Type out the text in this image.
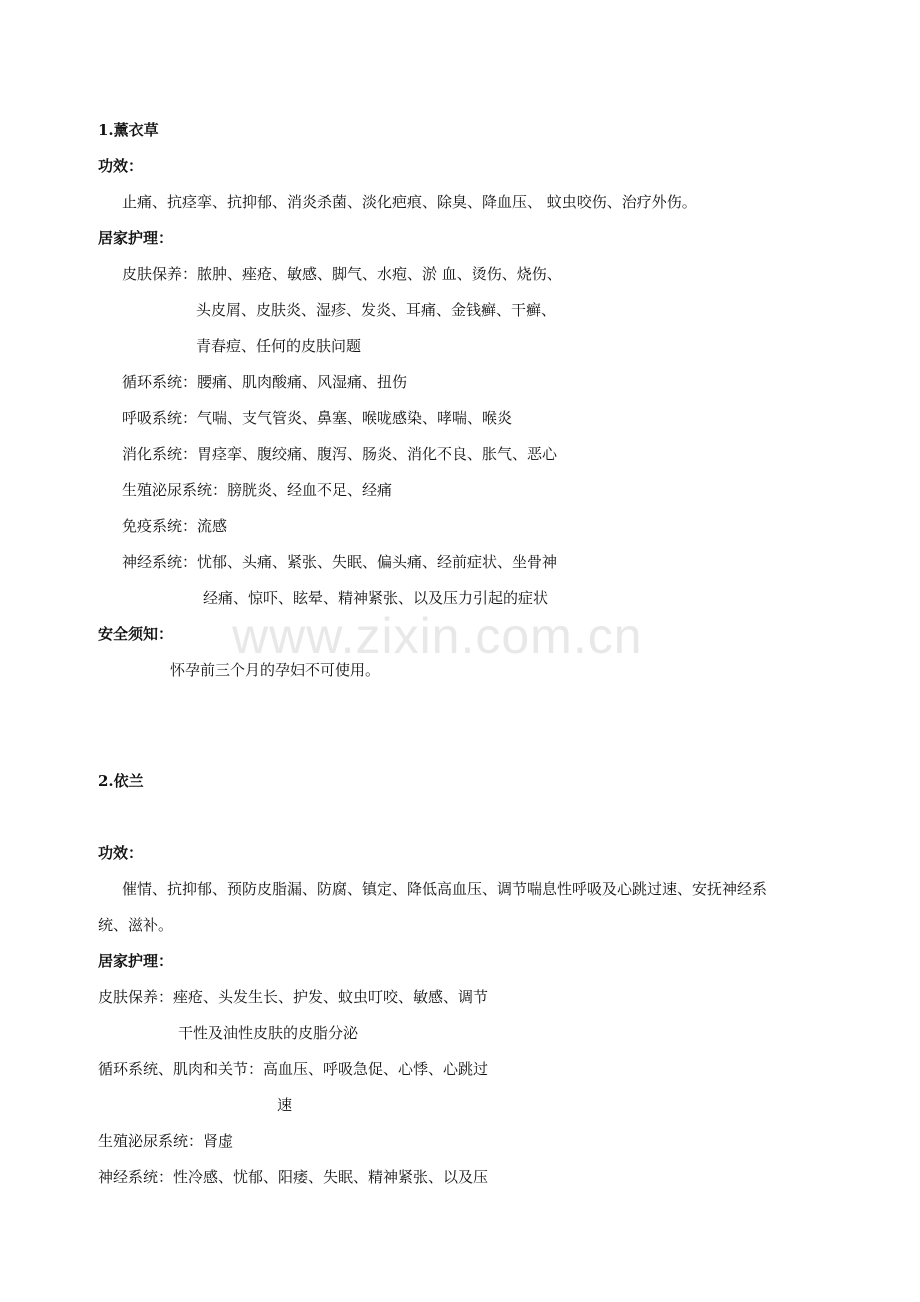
www.zixin.com.cn
1.薰衣草
功效：
止痛、抗痉挛、抗抑郁、消炎杀菌、淡化疤痕、除臭、降血压、 蚊虫咬伤、治疗外伤。
居家护理：
皮肤保养：脓肿、痤疮、敏感、脚气、水疱、淤 血、烫伤、烧伤、
头皮屑、皮肤炎、湿疹、发炎、耳痛、金钱癣、干癣、
青春痘、任何的皮肤问题
循环系统：腰痛、肌肉酸痛、风湿痛、扭伤
呼吸系统：气喘、支气管炎、鼻塞、喉咙感染、哮喘、喉炎
消化系统：胃痉挛、腹绞痛、腹泻、肠炎、消化不良、胀气、恶心
生殖泌尿系统：膀胱炎、经血不足、经痛
免疫系统：流感
神经系统：忧郁、头痛、紧张、失眠、偏头痛、经前症状、坐骨神
经痛、惊吓、眩晕、精神紧张、以及压力引起的症状
安全须知：
怀孕前三个月的孕妇不可使用。
2.依兰
功效：
催情、抗抑郁、预防皮脂漏、防腐、镇定、降低高血压、调节喘息性呼吸及心跳过速、安抚神经系
统、滋补。
居家护理：
皮肤保养：痤疮、头发生长、护发、蚊虫叮咬、敏感、调节
干性及油性皮肤的皮脂分泌
循环系统、肌肉和关节：高血压、呼吸急促、心悸、心跳过
速
生殖泌尿系统：肾虚
神经系统：性冷感、忧郁、阳痿、失眠、精神紧张、以及压
